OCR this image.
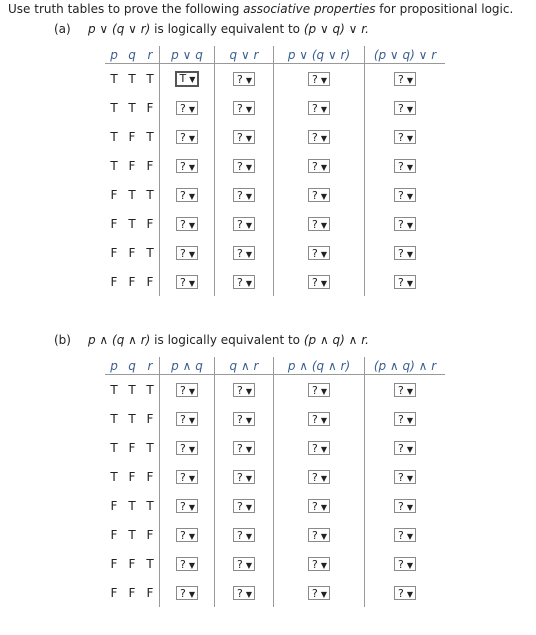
Use truth tables to prove the following associative properties for propositional logic.
(a) p ∨ (q ∨ r) is logically equivalent to (p ∨ q) ∨ r.
p	q	r	p ∨ q	q ∨ r	p ∨ (q ∨ r)	(p ∨ q) ∨ r
T	T	T	T ▼	? ▼	? ▼	? ▼
T	T	F	? ▼	? ▼	? ▼	? ▼
T	F	T	? ▼	? ▼	? ▼	? ▼
T	F	F	? ▼	? ▼	? ▼	? ▼
F	T	T	? ▼	? ▼	? ▼	? ▼
F	T	F	? ▼	? ▼	? ▼	? ▼
F	F	T	? ▼	? ▼	? ▼	? ▼
F	F	F	? ▼	? ▼	? ▼	? ▼
(b) p ∧ (q ∧ r) is logically equivalent to (p ∧ q) ∧ r.
p	q	r	p ∧ q	q ∧ r	p ∧ (q ∧ r)	(p ∧ q) ∧ r
T	T	T	? ▼	? ▼	? ▼	? ▼
T	T	F	? ▼	? ▼	? ▼	? ▼
T	F	T	? ▼	? ▼	? ▼	? ▼
T	F	F	? ▼	? ▼	? ▼	? ▼
F	T	T	? ▼	? ▼	? ▼	? ▼
F	T	F	? ▼	? ▼	? ▼	? ▼
F	F	T	? ▼	? ▼	? ▼	? ▼
F	F	F	? ▼	? ▼	? ▼	? ▼
